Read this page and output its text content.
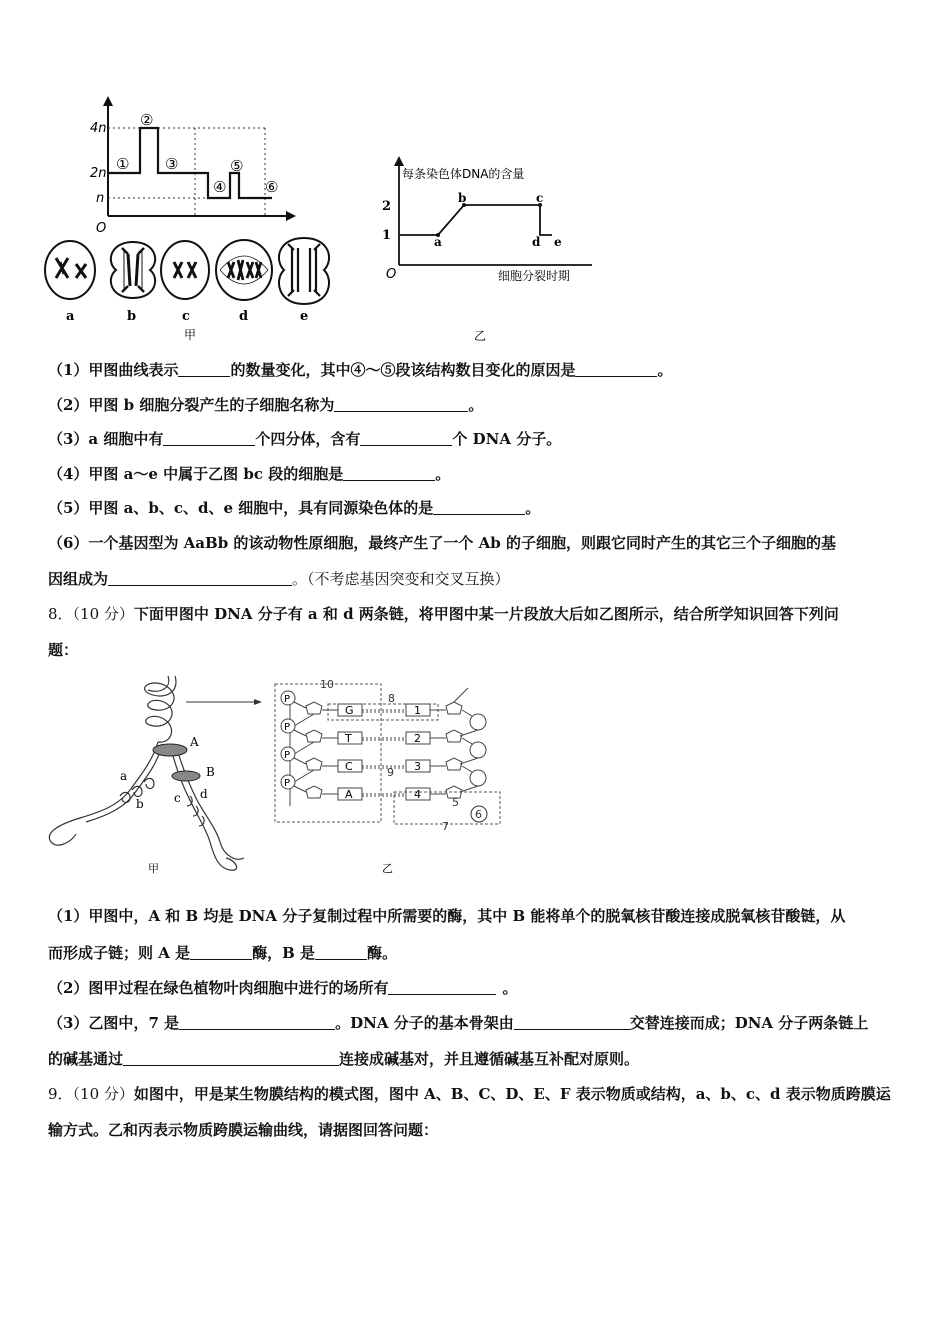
4n
2n
n
O
①
②
③
④
⑤
⑥
a	b	c	d	e
甲
每条染色体DNA的含量
2
1
O
a
b	c
d e
细胞分裂时期
乙
（1）甲图曲线表示	的数量变化，其中④～⑤段该结构数目变化的原因是	。
（2）甲图 b 细胞分裂产生的子细胞名称为	。
（3）a 细胞中有	个四分体，含有	个 DNA 分子。
（4）甲图 a～e 中属于乙图 bc 段的细胞是	。
（5）甲图 a、b、c、d、e 细胞中，具有同源染色体的是	。
（6）一个基因型为 AaBb 的该动物性原细胞，最终产生了一个 Ab 的子细胞，则跟它同时产生的其它三个子细胞的基
因组成为	。（不考虑基因突变和交叉互换）
8．（10 分）下面甲图中 DNA 分子有 a 和 d 两条链，将甲图中某一片段放大后如乙图所示，结合所学知识回答下列问
题：
A
B
a
b	c d
甲
10
8
9
7
5
6
P
P
P
P
G
T
C
A
1
2
3
4
乙
（1）甲图中，A 和 B 均是 DNA 分子复制过程中所需要的酶，其中 B 能将单个的脱氧核苷酸连接成脱氧核苷酸链，从
而形成子链；则 A 是	酶，B 是	酶。
（2）图甲过程在绿色植物叶肉细胞中进行的场所有	。
（3）乙图中，7 是	。DNA 分子的基本骨架由	交替连接而成；DNA 分子两条链上
的碱基通过	连接成碱基对，并且遵循碱基互补配对原则。
9．（10 分）如图中，甲是某生物膜结构的模式图，图中 A、B、C、D、E、F 表示物质或结构，a、b、c、d 表示物质跨膜运
输方式。乙和丙表示物质跨膜运输曲线，请据图回答问题：
